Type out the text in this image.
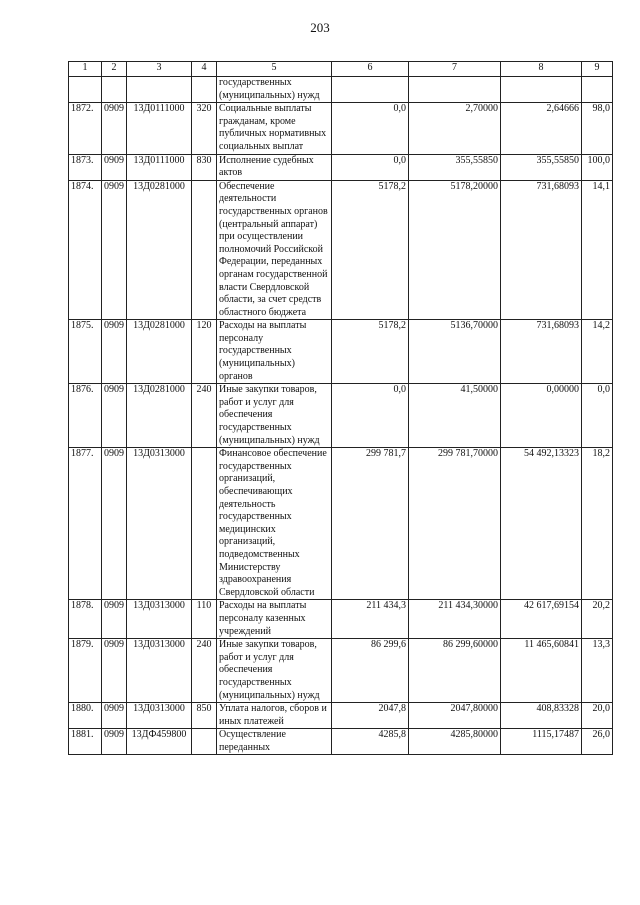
203
1	2	3	4	5	6	7	8	9
				государственных (муниципальных) нужд				
1872.	0909	13Д0111000	320	Социальные выплаты гражданам, кроме публичных нормативных социальных выплат	0,0	2,70000	2,64666	98,0
1873.	0909	13Д0111000	830	Исполнение судебных актов	0,0	355,55850	355,55850	100,0
1874.	0909	13Д0281000		Обеспечение деятельности государственных органов (центральный аппарат) при осуществлении полномочий Российской Федерации, переданных органам государственной власти Свердловской области, за счет средств областного бюджета	5178,2	5178,20000	731,68093	14,1
1875.	0909	13Д0281000	120	Расходы на выплаты персоналу государственных (муниципальных) органов	5178,2	5136,70000	731,68093	14,2
1876.	0909	13Д0281000	240	Иные закупки товаров, работ и услуг для обеспечения государственных (муниципальных) нужд	0,0	41,50000	0,00000	0,0
1877.	0909	13Д0313000		Финансовое обеспечение государственных организаций, обеспечивающих деятельность государственных медицинских организаций, подведомственных Министерству здравоохранения Свердловской области	299 781,7	299 781,70000	54 492,13323	18,2
1878.	0909	13Д0313000	110	Расходы на выплаты персоналу казенных учреждений	211 434,3	211 434,30000	42 617,69154	20,2
1879.	0909	13Д0313000	240	Иные закупки товаров, работ и услуг для обеспечения государственных (муниципальных) нужд	86 299,6	86 299,60000	11 465,60841	13,3
1880.	0909	13Д0313000	850	Уплата налогов, сборов и иных платежей	2047,8	2047,80000	408,83328	20,0
1881.	0909	13ДФ459800		Осуществление переданных	4285,8	4285,80000	1115,17487	26,0
